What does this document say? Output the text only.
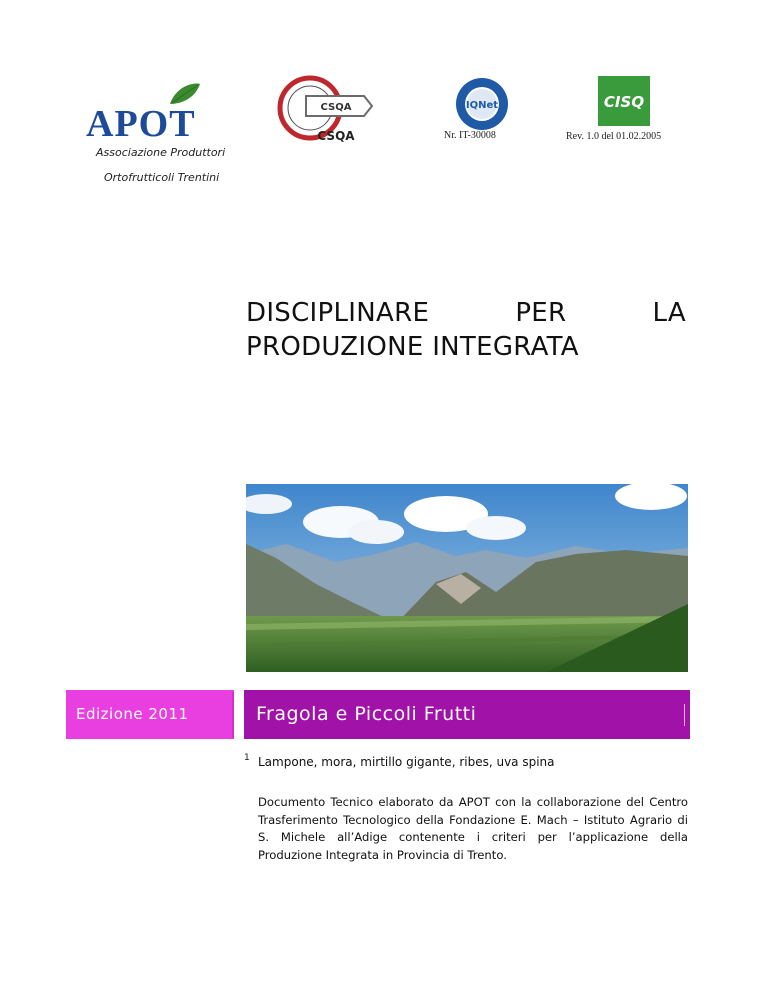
APOT
Associazione Produttori
Ortofrutticoli Trentini
CSQA
CSQA
IQNet
Nr. IT-30008
CISQ
Rev. 1.0 del 01.02.2005
DISCIPLINARE	PER	LA
PRODUZIONE INTEGRATA
Edizione 2011	Fragola e Piccoli Frutti
1 Lampone, mora, mirtillo gigante, ribes, uva spina
Documento Tecnico elaborato da APOT con la collaborazione del Centro Trasferimento Tecnologico della Fondazione E. Mach – Istituto Agrario di S. Michele all’Adige contenente i criteri per l’applicazione della Produzione Integrata in Provincia di Trento.
